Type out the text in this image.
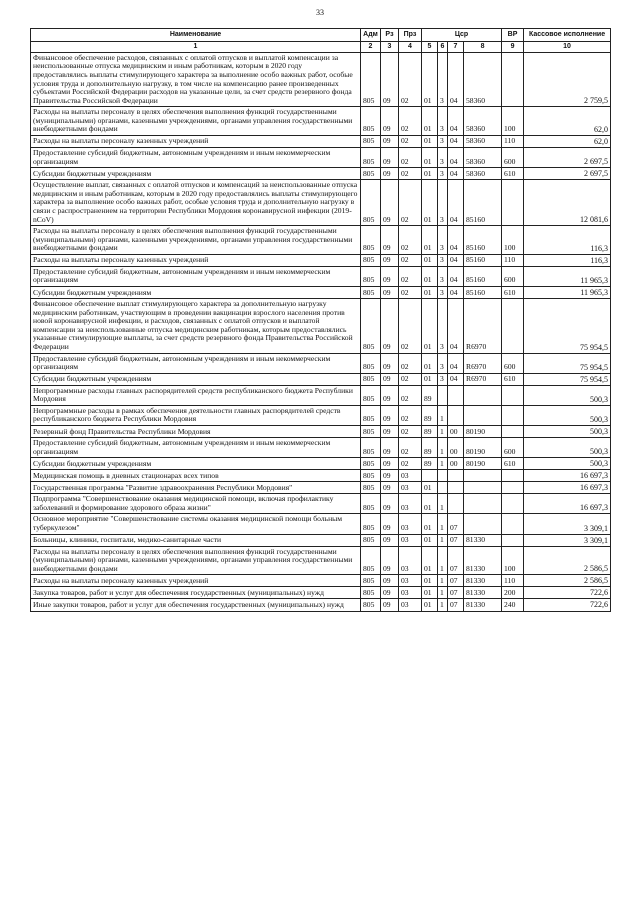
33
Наименование	Адм	Рз	Прз	Цср				ВР	Кассовое исполнение
1	2	3	4	5	6	7	8	9	10
Финансовое обеспечение расходов, связанных с оплатой отпусков и выплатой компенсации за неиспользованные отпуска медицинским и иным работникам, которым в 2020 году предоставлялись выплаты стимулирующего характера за выполнение особо важных работ, особые условия труда и дополнительную нагрузку, в том числе на компенсацию ранее произведенных субъектами Российской Федерации расходов на указанные цели, за счет средств резервного фонда Правительства Российской Федерации	805	09	02	01	3	04	58360		2 759,5
Расходы на выплаты персоналу в целях обеспечения выполнения функций государственными (муниципальными) органами, казенными учреждениями, органами управления государственными внебюджетными фондами	805	09	02	01	3	04	58360	100	62,0
Расходы на выплаты персоналу казенных учреждений	805	09	02	01	3	04	58360	110	62,0
Предоставление субсидий бюджетным, автономным учреждениям и иным некоммерческим организациям	805	09	02	01	3	04	58360	600	2 697,5
Субсидии бюджетным учреждениям	805	09	02	01	3	04	58360	610	2 697,5
Осуществление выплат, связанных с оплатой отпусков и компенсаций за неиспользованные отпуска медицинским и иным работникам, которым в 2020 году предоставлялись выплаты стимулирующего характера за выполнение особо важных работ, особые условия труда и дополнительную нагрузку в связи с распространением на территории Республики Мордовия коронавирусной инфекции (2019-nCoV)	805	09	02	01	3	04	85160		12 081,6
Расходы на выплаты персоналу в целях обеспечения выполнения функций государственными (муниципальными) органами, казенными учреждениями, органами управления государственными внебюджетными фондами	805	09	02	01	3	04	85160	100	116,3
Расходы на выплаты персоналу казенных учреждений	805	09	02	01	3	04	85160	110	116,3
Предоставление субсидий бюджетным, автономным учреждениям и иным некоммерческим организациям	805	09	02	01	3	04	85160	600	11 965,3
Субсидии бюджетным учреждениям	805	09	02	01	3	04	85160	610	11 965,3
Финансовое обеспечение выплат стимулирующего характера за дополнительную нагрузку медицинским работникам, участвующим в проведении вакцинации взрослого населения против новой коронавирусной инфекции, и расходов, связанных с оплатой отпусков и выплатой компенсации за неиспользованные отпуска медицинским работникам, которым предоставлялись указанные стимулирующие выплаты, за счет средств резервного фонда Правительства Российской Федерации	805	09	02	01	3	04	R6970		75 954,5
Предоставление субсидий бюджетным, автономным учреждениям и иным некоммерческим организациям	805	09	02	01	3	04	R6970	600	75 954,5
Субсидии бюджетным учреждениям	805	09	02	01	3	04	R6970	610	75 954,5
Непрограммные расходы главных распорядителей средств республиканского бюджета Республики Мордовия	805	09	02	89					500,3
Непрограммные расходы в рамках обеспечения деятельности главных распорядителей средств республиканского бюджета Республики Мордовия	805	09	02	89	1				500,3
Резервный фонд Правительства Республики Мордовия	805	09	02	89	1	00	80190		500,3
Предоставление субсидий бюджетным, автономным учреждениям и иным некоммерческим организациям	805	09	02	89	1	00	80190	600	500,3
Субсидии бюджетным учреждениям	805	09	02	89	1	00	80190	610	500,3
Медицинская помощь в дневных стационарах всех типов	805	09	03						16 697,3
Государственная программа "Развитие здравоохранения Республики Мордовия"	805	09	03	01					16 697,3
Подпрограмма "Совершенствование оказания медицинской помощи, включая профилактику заболеваний и формирование здорового образа жизни"	805	09	03	01	1				16 697,3
Основное мероприятие "Совершенствование системы оказания медицинской помощи больным туберкулезом"	805	09	03	01	1	07			3 309,1
Больницы, клиники, госпитали, медико-санитарные части	805	09	03	01	1	07	81330		3 309,1
Расходы на выплаты персоналу в целях обеспечения выполнения функций государственными (муниципальными) органами, казенными учреждениями, органами управления государственными внебюджетными фондами	805	09	03	01	1	07	81330	100	2 586,5
Расходы на выплаты персоналу казенных учреждений	805	09	03	01	1	07	81330	110	2 586,5
Закупка товаров, работ и услуг для обеспечения государственных (муниципальных) нужд	805	09	03	01	1	07	81330	200	722,6
Иные закупки товаров, работ и услуг для обеспечения государственных (муниципальных) нужд	805	09	03	01	1	07	81330	240	722,6
